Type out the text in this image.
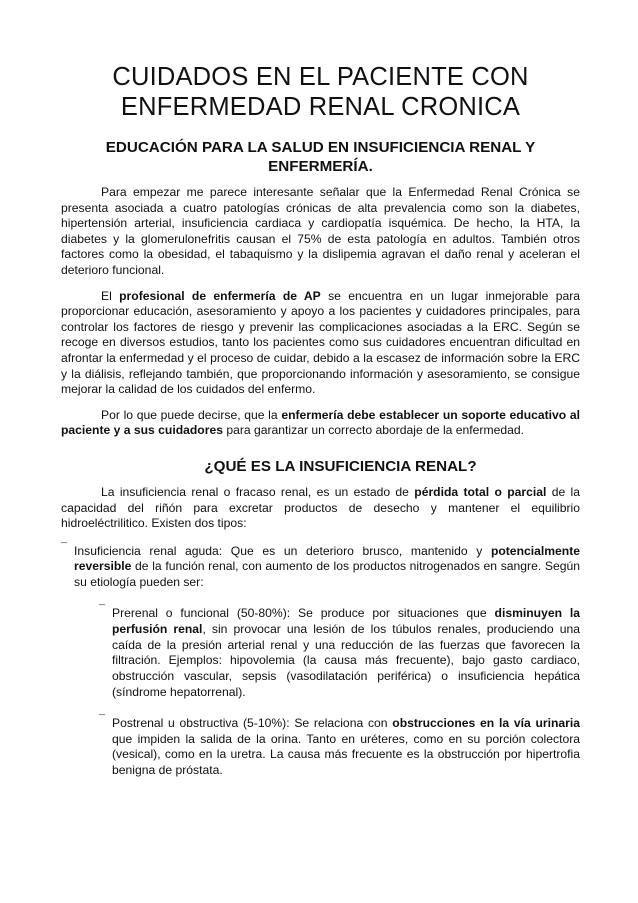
CUIDADOS EN EL PACIENTE CON
ENFERMEDAD RENAL CRONICA
EDUCACIÓN PARA LA SALUD EN INSUFICIENCIA RENAL Y
ENFERMERÍA.

Para empezar me parece interesante señalar que la Enfermedad Renal Crónica se presenta asociada a cuatro patologías crónicas de alta prevalencia como son la diabetes, hipertensión arterial, insuficiencia cardiaca y cardiopatía isquémica. De hecho, la HTA, la diabetes y la glomerulonefritis causan el 75% de esta patología en adultos. También otros factores como la obesidad, el tabaquismo y la dislipemia agravan el daño renal y aceleran el deterioro funcional.

El profesional de enfermería de AP se encuentra en un lugar inmejorable para proporcionar educación, asesoramiento y apoyo a los pacientes y cuidadores principales, para controlar los factores de riesgo y prevenir las complicaciones asociadas a la ERC. Según se recoge en diversos estudios, tanto los pacientes como sus cuidadores encuentran dificultad en afrontar la enfermedad y el proceso de cuidar, debido a la escasez de información sobre la ERC y la diálisis, reflejando también, que proporcionando información y asesoramiento, se consigue mejorar la calidad de los cuidados del enfermo.

Por lo que puede decirse, que la enfermería debe establecer un soporte educativo al paciente y a sus cuidadores para garantizar un correcto abordaje de la enfermedad.

¿QUÉ ES LA INSUFICIENCIA RENAL?

La insuficiencia renal o fracaso renal, es un estado de pérdida total o parcial de la capacidad del riñón para excretar productos de desecho y mantener el equilibrio hidroeléctrilitico. Existen dos tipos:

¯ Insuficiencia renal aguda: Que es un deterioro brusco, mantenido y potencialmente reversible de la función renal, con aumento de los productos nitrogenados en sangre. Según su etiología pueden ser:
¯ Prerenal o funcional (50-80%): Se produce por situaciones que disminuyen la perfusión renal, sin provocar una lesión de los túbulos renales, produciendo una caída de la presión arterial renal y una reducción de las fuerzas que favorecen la filtración. Ejemplos: hipovolemia (la causa más frecuente), bajo gasto cardiaco, obstrucción vascular, sepsis (vasodilatación periférica) o insuficiencia hepática (síndrome hepatorrenal).
¯ Postrenal u obstructiva (5-10%): Se relaciona con obstrucciones en la vía urinaria que impiden la salida de la orina. Tanto en uréteres, como en su porción colectora (vesical), como en la uretra. La causa más frecuente es la obstrucción por hipertrofia benigna de próstata.
